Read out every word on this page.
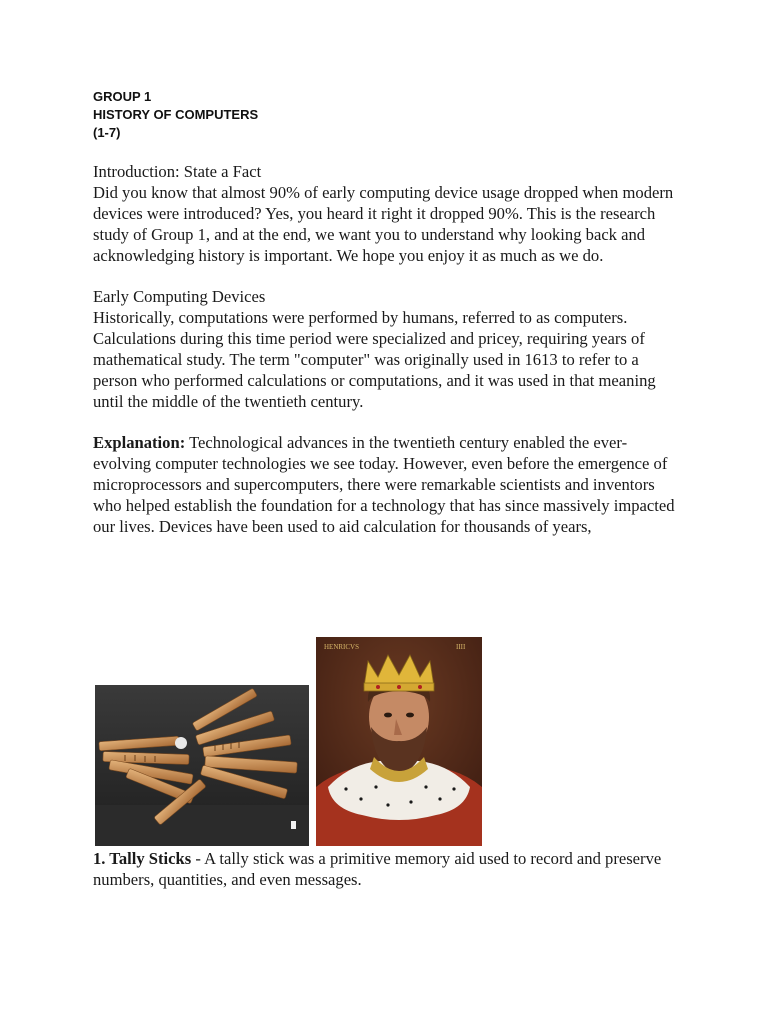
GROUP 1
HISTORY OF COMPUTERS
(1-7)

Introduction: State a Fact
Did you know that almost 90% of early computing device usage dropped when modern devices were introduced? Yes, you heard it right it dropped 90%. This is the research study of Group 1, and at the end, we want you to understand why looking back and acknowledging history is important. We hope you enjoy it as much as we do.

Early Computing Devices
Historically, computations were performed by humans, referred to as computers. Calculations during this time period were specialized and pricey, requiring years of mathematical study. The term "computer" was originally used in 1613 to refer to a person who performed calculations or computations, and it was used in that meaning until the middle of the twentieth century.

Explanation: Technological advances in the twentieth century enabled the ever-evolving computer technologies we see today. However, even before the emergence of microprocessors and supercomputers, there were remarkable scientists and inventors who helped establish the foundation for a technology that has since massively impacted our lives. Devices have been used to aid calculation for thousands of years,

HENRICVS	IIII

1. Tally Sticks - A tally stick was a primitive memory aid used to record and preserve numbers, quantities, and even messages.
